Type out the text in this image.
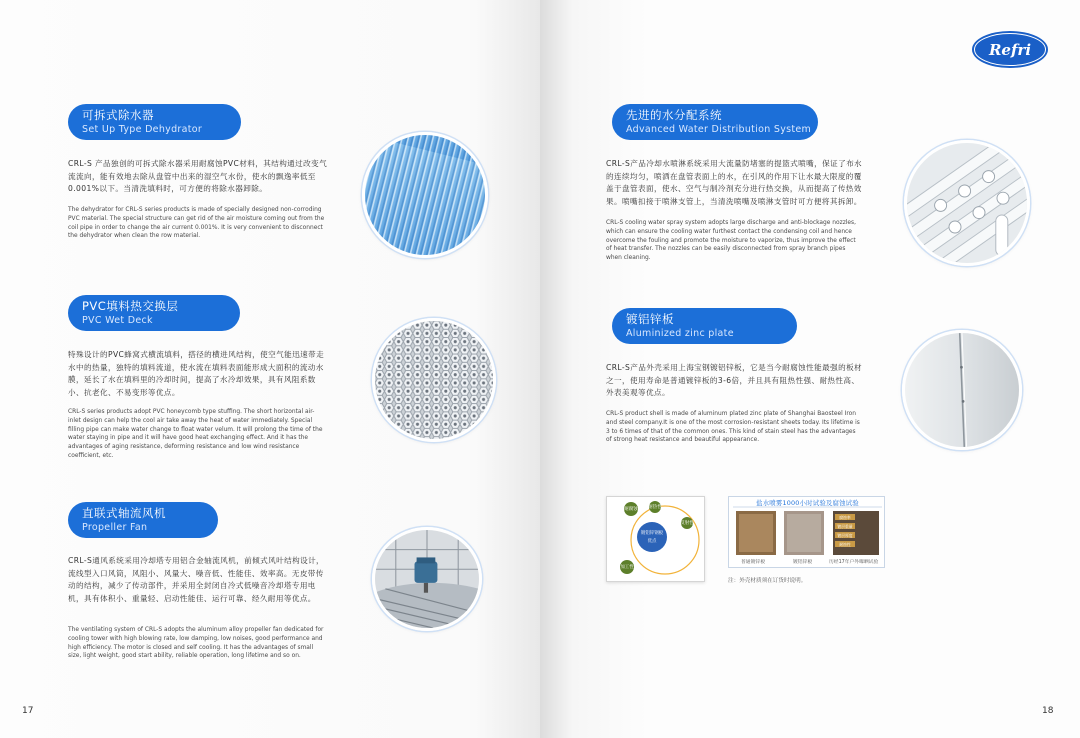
可拆式除水器
Set Up Type Dehydrator
CRL-S 产品独创的可拆式除水器采用耐腐蚀PVC材料，其结构通过改变气
流流向，能有效地去除从盘管中出来的湿空气水份，使水的飘逸率低至
0.001%以下。当清洗填料时，可方便的将除水器卸除。
The dehydrator for CRL-S series products is made of specially designed non-corroding
PVC material. The special structure can get rid of the air moisture coming out from the
coil pipe in order to change the air current 0.001%. It is very convenient to disconnect
the dehydrator when clean the row material.
PVC填料热交换层
PVC Wet Deck
特殊设计的PVC蜂窝式横流填料，搭径的横进风结构，使空气能迅速带走
水中的热量，独特的填料流道，使水流在填料表面能形成大面积的流动水
膜，延长了水在填料里的冷却时间，提高了水冷却效果，具有风阻系数
小、抗老化、不易变形等优点。
CRL-S series products adopt PVC honeycomb type stuffing. The short horizontal air-
inlet design can help the cool air take away the heat of water immediately. Special
filling pipe can make water change to float water velum. It will prolong the time of the
water staying in pipe and it will have good heat exchanging effect. And it has the
advantages of aging resistance, deforming resistance and low wind resistance
coefficient, etc.
直联式轴流风机
Propeller Fan
CRL-S通风系统采用冷却塔专用铝合金轴流风机，前倾式风叶结构设计，
流线型入口风筒，风阻小、风量大、噪音低、性能佳、效率高。无皮带传
动的结构，减少了传动部件，并采用全封闭自冷式低噪音冷却塔专用电
机，具有体积小、重量轻、启动性能佳、运行可靠、经久耐用等优点。
The ventilating system of CRL-S adopts the aluminum alloy propeller fan dedicated for
cooling tower with high blowing rate, low damping, low noises, good performance and
high efficiency. The motor is closed and self cooling. It has the advantages of small
size, light weight, good start ability, reliable operation, long lifetime and so on.
17	18
Refri
先进的水分配系统
Advanced Water Distribution System
CRL-S产品冷却水喷淋系统采用大流量防堵塞的提篮式喷嘴，保证了布水
的连续均匀，喷洒在盘管表面上的水，在引风的作用下让水最大限度的覆
盖于盘管表面，使水、空气与制冷剂充分进行热交换，从而提高了传热效
果。喷嘴扣接于喷淋支管上，当清洗喷嘴及喷淋支管时可方便将其拆卸。
CRL-S cooling water spray system adopts large discharge and anti-blockage nozzles,
which can ensure the cooling water furthest contact the condensing coil and hence
overcome the fouling and promote the moisture to vaporize, thus improve the effect
of heat transfer. The nozzles can be easily disconnected from spray branch pipes
when cleaning.
镀铝锌板
Aluminized zinc plate
CRL-S产品外壳采用上海宝钢镀铝锌板，它是当今耐腐蚀性能最强的板材
之一，使用寿命是普通镀锌板的3-6倍，并且具有阻热性强、耐热性高、
外表美观等优点。
CRL-S product shell is made of aluminum plated zinc plate of Shanghai Baosteel Iron
and steel company.It is one of the most corrosion-resistant sheets today. Its lifetime is
3 to 6 times of that of the common ones. This kind of stain steel has the advantages
of strong heat resistance and beautiful appearance.
镀铝锌钢板
优点
耐腐蚀	耐热性
反射性
加工性
盐水喷雾1000小时试验及腐蚀试验
腐蚀率
镀层重量
镀层厚度
耐蚀性
普通镀锌板	镀铝锌板	历经17年户外曝晒试验
注：外壳材质须在订货时说明。
